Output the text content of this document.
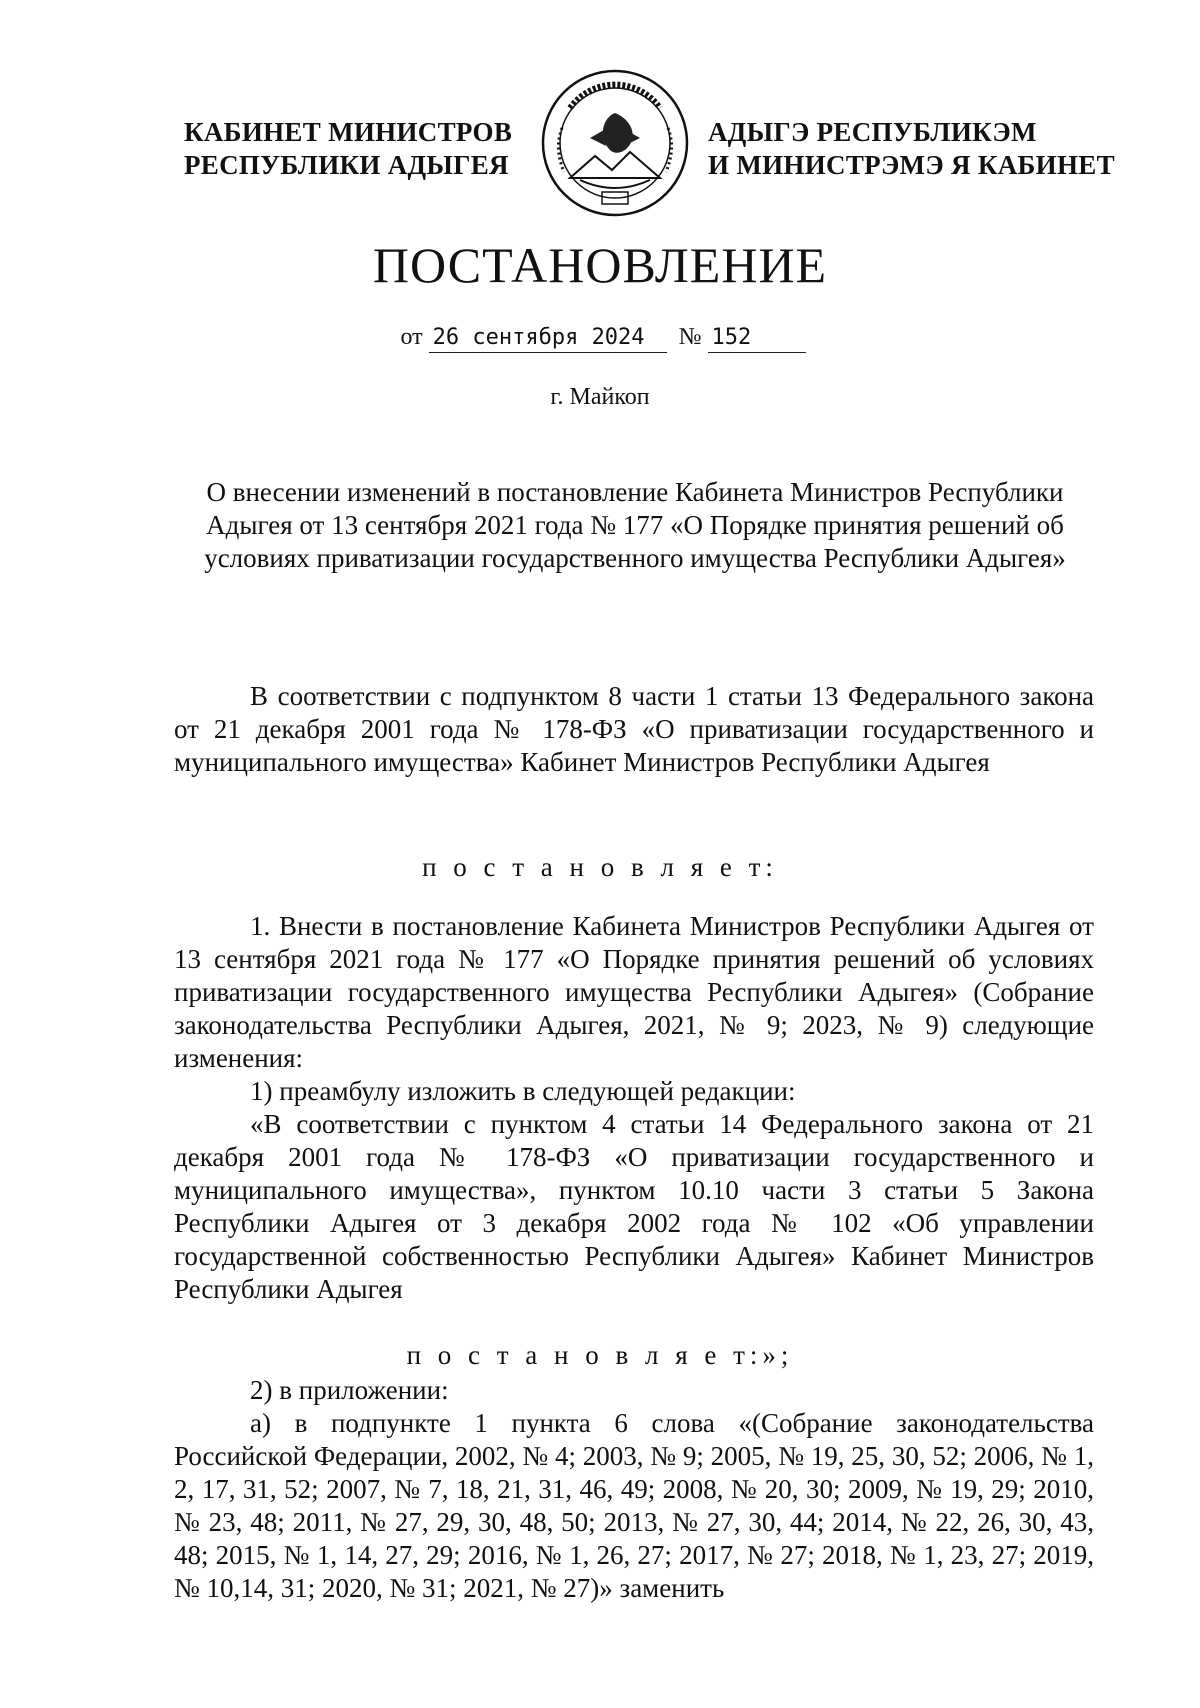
КАБИНЕТ МИНИСТРОВ
РЕСПУБЛИКИ АДЫГЕЯ
АДЫГЭ РЕСПУБЛИКЭМ
И МИНИСТРЭМЭ Я КАБИНЕТ
ПОСТАНОВЛЕНИЕ
от 26 сентября 2024 № 152
г. Майкоп
О внесении изменений в постановление Кабинета Министров Республики Адыгея от 13 сентября 2021 года № 177 «О Порядке принятия решений об условиях приватизации государственного имущества Республики Адыгея»

В соответствии с подпунктом 8 части 1 статьи 13 Федерального закона от 21 декабря 2001 года № 178-ФЗ «О приватизации государственного и муниципального имущества» Кабинет Министров Республики Адыгея

п о с т а н о в л я е т:

1. Внести в постановление Кабинета Министров Республики Адыгея от 13 сентября 2021 года № 177 «О Порядке принятия решений об условиях приватизации государственного имущества Республики Адыгея» (Собрание законодательства Республики Адыгея, 2021, № 9; 2023, № 9) следующие изменения:

1) преамбулу изложить в следующей редакции:

«В соответствии с пунктом 4 статьи 14 Федерального закона от 21 декабря 2001 года № 178-ФЗ «О приватизации государственного и муниципального имущества», пунктом 10.10 части 3 статьи 5 Закона Республики Адыгея от 3 декабря 2002 года № 102 «Об управлении государственной собственностью Республики Адыгея» Кабинет Министров Республики Адыгея

п о с т а н о в л я е т:»;

2) в приложении:

а) в подпункте 1 пункта 6 слова «(Собрание законодательства Российской Федерации, 2002, № 4; 2003, № 9; 2005, № 19, 25, 30, 52; 2006, № 1, 2, 17, 31, 52; 2007, № 7, 18, 21, 31, 46, 49; 2008, № 20, 30; 2009, № 19, 29; 2010, № 23, 48; 2011, № 27, 29, 30, 48, 50; 2013, № 27, 30, 44; 2014, № 22, 26, 30, 43, 48; 2015, № 1, 14, 27, 29; 2016, № 1, 26, 27; 2017, № 27; 2018, № 1, 23, 27; 2019, № 10,14, 31; 2020, № 31; 2021, № 27)» заменить
